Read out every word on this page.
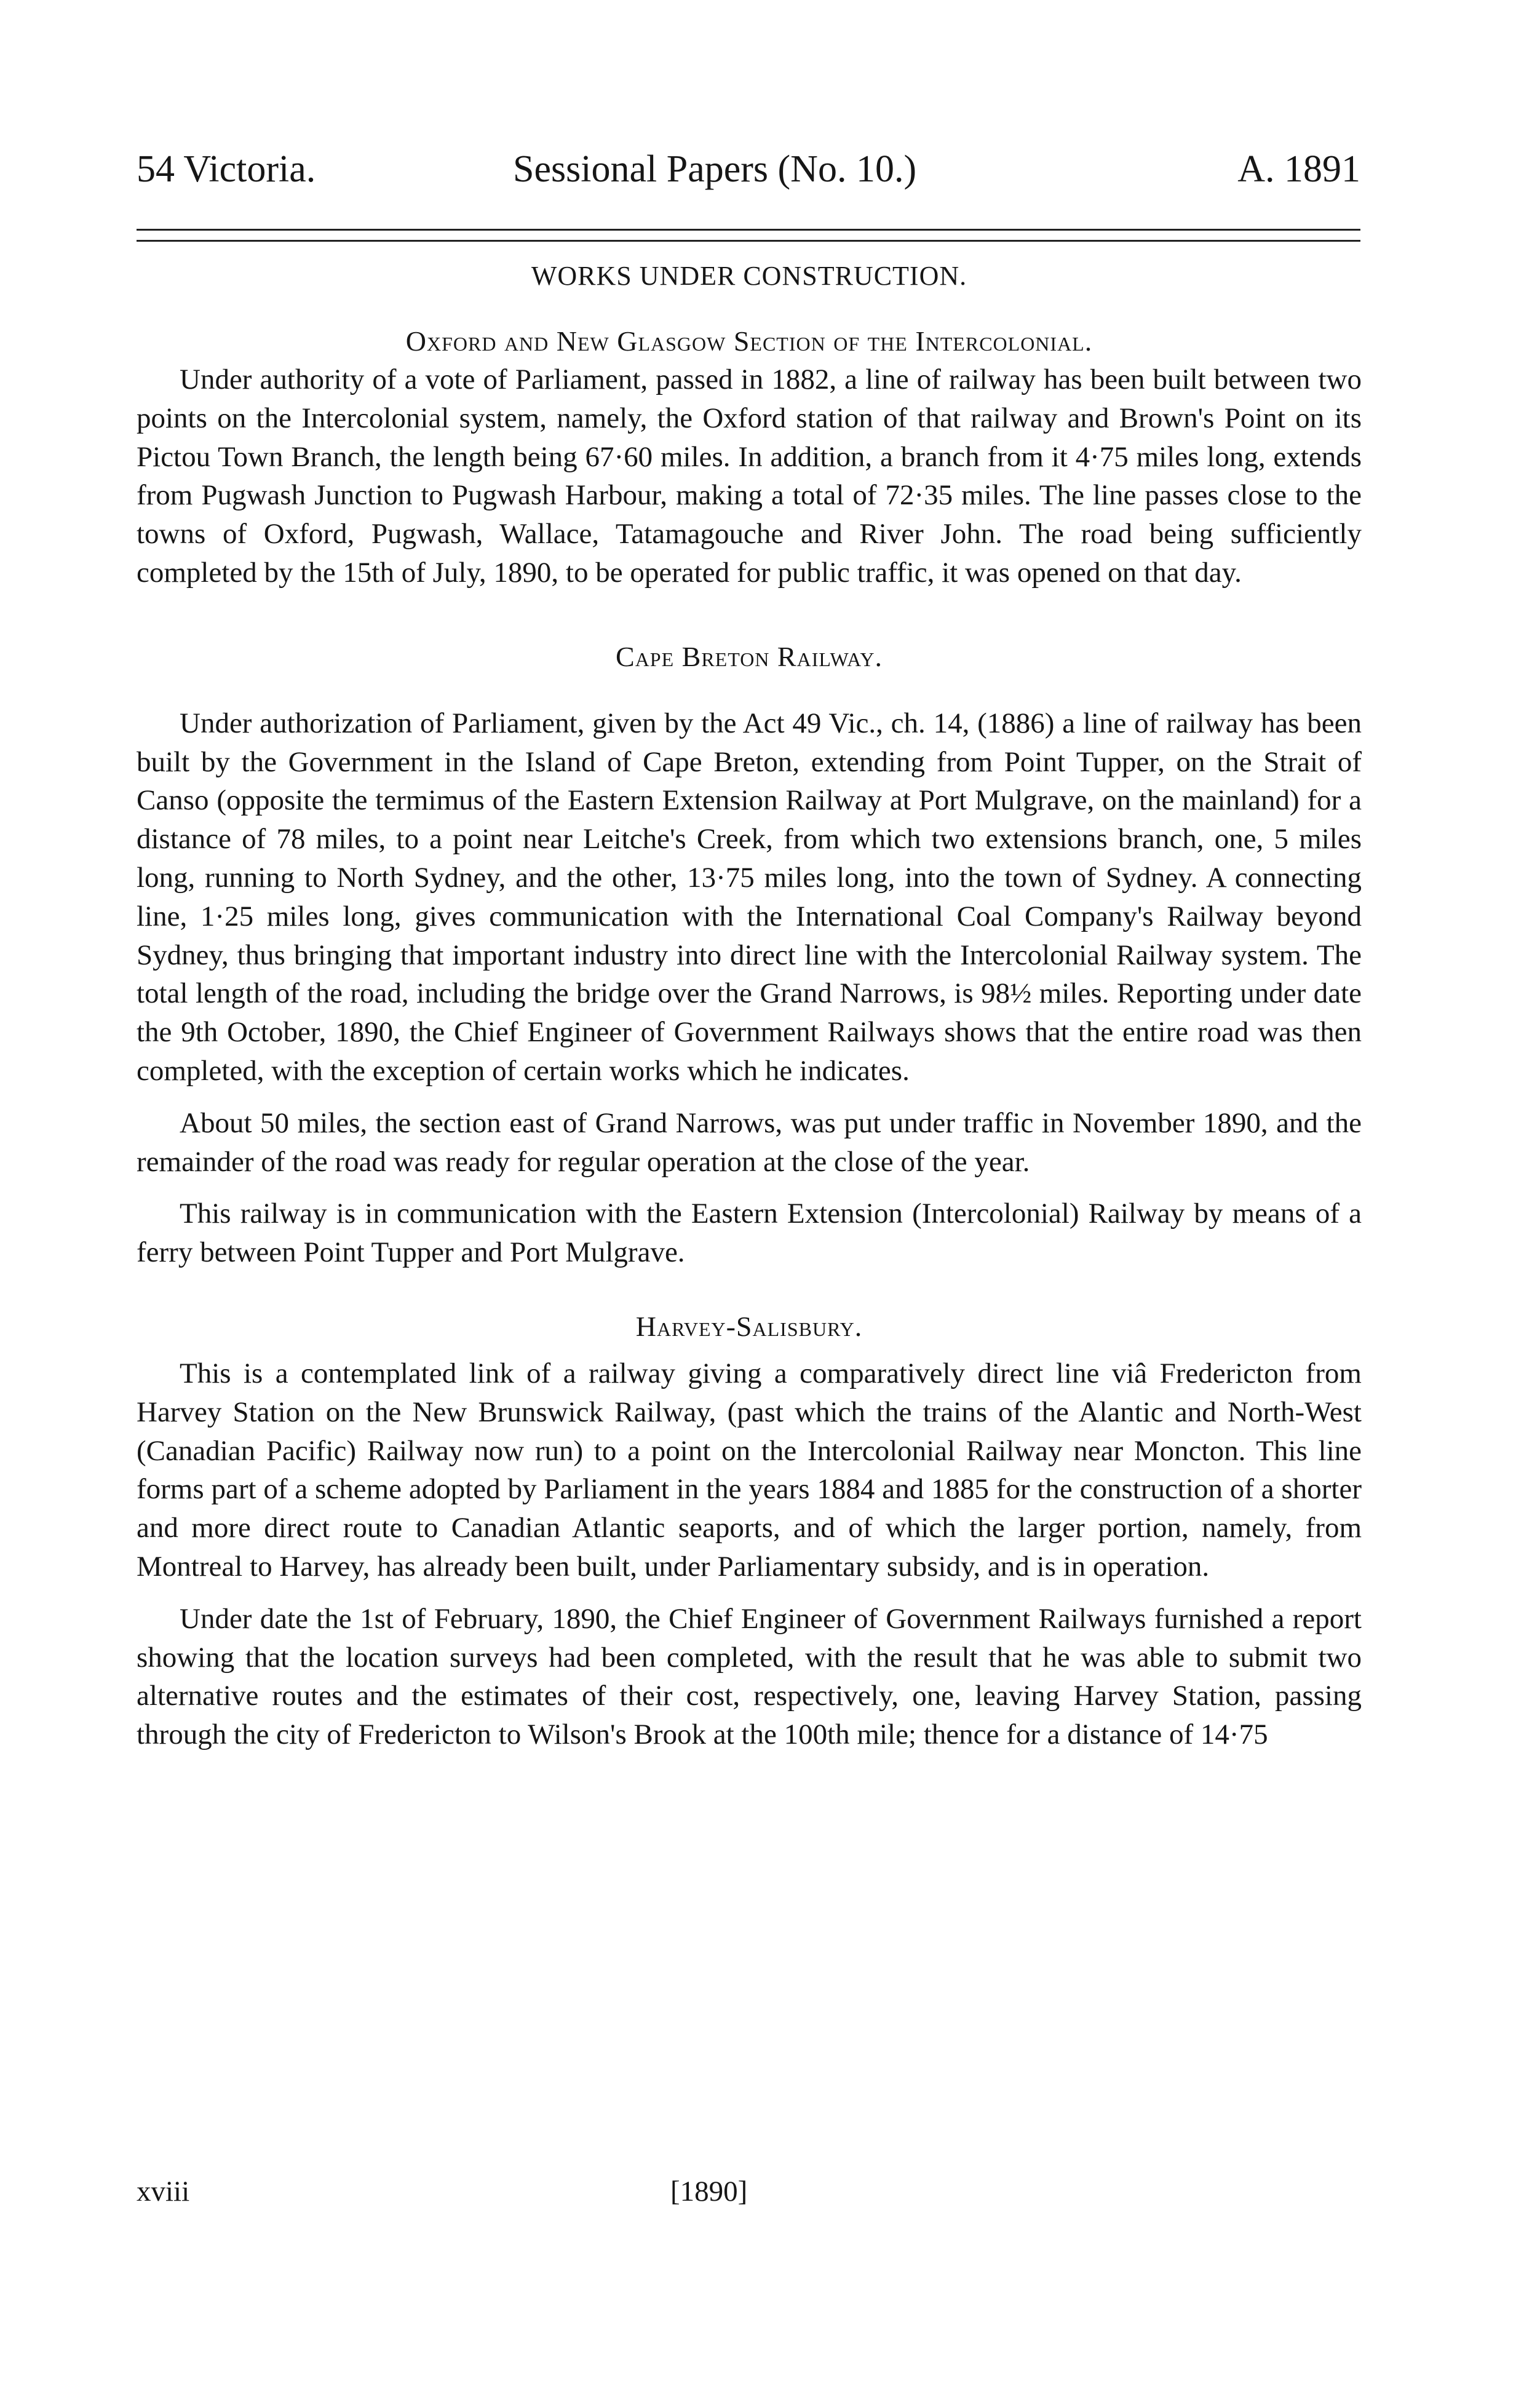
54 Victoria.	Sessional Papers (No. 10.)	A. 1891
WORKS UNDER CONSTRUCTION.
Oxford and New Glasgow Section of the Intercolonial.

Under authority of a vote of Parliament, passed in 1882, a line of railway has been built between two points on the Intercolonial system, namely, the Oxford station of that railway and Brown's Point on its Pictou Town Branch, the length being 67·60 miles. In addition, a branch from it 4·75 miles long, extends from Pugwash Junction to Pugwash Harbour, making a total of 72·35 miles. The line passes close to the towns of Oxford, Pugwash, Wallace, Tatamagouche and River John. The road being sufficiently completed by the 15th of July, 1890, to be operated for public traffic, it was opened on that day.

Cape Breton Railway.

Under authorization of Parliament, given by the Act 49 Vic., ch. 14, (1886) a line of railway has been built by the Government in the Island of Cape Breton, extending from Point Tupper, on the Strait of Canso (opposite the termimus of the Eastern Extension Railway at Port Mulgrave, on the mainland) for a distance of 78 miles, to a point near Leitche's Creek, from which two extensions branch, one, 5 miles long, running to North Sydney, and the other, 13·75 miles long, into the town of Sydney. A connecting line, 1·25 miles long, gives communication with the International Coal Company's Railway beyond Sydney, thus bringing that important industry into direct line with the Intercolonial Railway system. The total length of the road, including the bridge over the Grand Narrows, is 98½ miles. Reporting under date the 9th October, 1890, the Chief Engineer of Government Railways shows that the entire road was then completed, with the exception of certain works which he indicates.

About 50 miles, the section east of Grand Narrows, was put under traffic in November 1890, and the remainder of the road was ready for regular operation at the close of the year.

This railway is in communication with the Eastern Extension (Intercolonial) Railway by means of a ferry between Point Tupper and Port Mulgrave.

Harvey-Salisbury.

This is a contemplated link of a railway giving a comparatively direct line viâ Fredericton from Harvey Station on the New Brunswick Railway, (past which the trains of the Alantic and North-West (Canadian Pacific) Railway now run) to a point on the Intercolonial Railway near Moncton. This line forms part of a scheme adopted by Parliament in the years 1884 and 1885 for the construction of a shorter and more direct route to Canadian Atlantic seaports, and of which the larger portion, namely, from Montreal to Harvey, has already been built, under Parliamentary subsidy, and is in operation.

Under date the 1st of February, 1890, the Chief Engineer of Government Railways furnished a report showing that the location surveys had been completed, with the result that he was able to submit two alternative routes and the estimates of their cost, respectively, one, leaving Harvey Station, passing through the city of Fredericton to Wilson's Brook at the 100th mile; thence for a distance of 14·75

xviii	[1890]
